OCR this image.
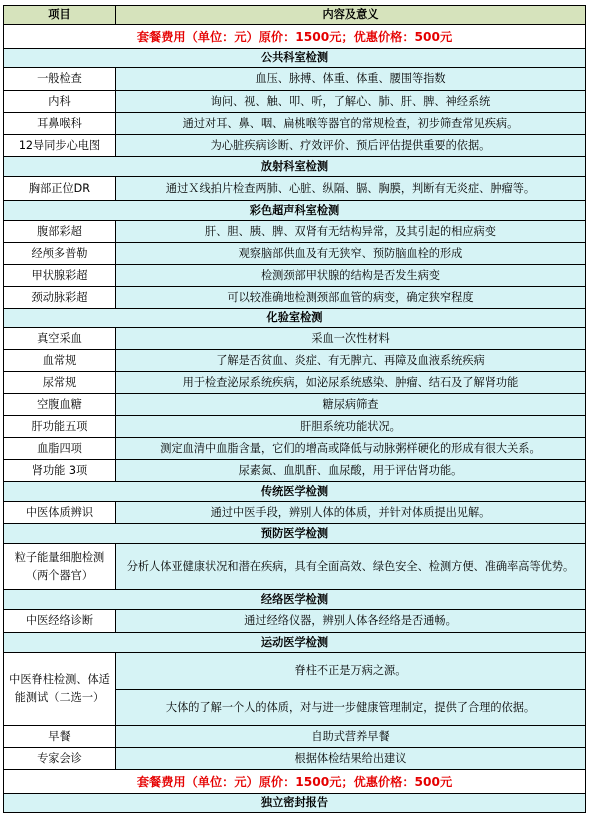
项目	内容及意义
套餐费用（单位：元）原价：1500元；优惠价格：500元	
公共科室检测	
一般检查	血压、脉搏、体重、体重、腰围等指数
内科	询问、视、触、叩、听，了解心、肺、肝、脾、神经系统
耳鼻喉科	通过对耳、鼻、咽、扁桃喉等器官的常规检查，初步筛查常见疾病。
12导同步心电图	为心脏疾病诊断、疗效评价、预后评估提供重要的依据。
放射科室检测	
胸部正位DR	通过Ｘ线拍片检查两肺、心脏、纵隔、膈、胸膜，判断有无炎症、肿瘤等。
彩色超声科室检测	
腹部彩超	肝、胆、胰、脾、双肾有无结构异常，及其引起的相应病变
经颅多普勒	观察脑部供血及有无狭窄、预防脑血栓的形成
甲状腺彩超	检测颈部甲状腺的结构是否发生病变
颈动脉彩超	可以较准确地检测颈部血管的病变，确定狭窄程度
化验室检测	
真空采血	采血一次性材料
血常规	了解是否贫血、炎症、有无脾亢、再障及血液系统疾病
尿常规	用于检查泌尿系统疾病，如泌尿系统感染、肿瘤、结石及了解肾功能
空腹血糖	糖尿病筛查
肝功能五项	肝胆系统功能状况。
血脂四项	测定血清中血脂含量，它们的增高或降低与动脉粥样硬化的形成有很大关系。
肾功能 3项	尿素氮、血肌酐、血尿酸，用于评估肾功能。
传统医学检测	
中医体质辨识	通过中医手段，辨别人体的体质，并针对体质提出见解。
预防医学检测	
粒子能量细胞检测（两个器官）	分析人体亚健康状况和潜在疾病，具有全面高效、绿色安全、检测方便、准确率高等优势。
经络医学检测	
中医经络诊断	通过经络仪器，辨别人体各经络是否通畅。
运动医学检测	
中医脊柱检测、体适能测试（二选一）	脊柱不正是万病之源。
	大体的了解一个人的体质，对与进一步健康管理制定，提供了合理的依据。
早餐	自助式营养早餐
专家会诊	根据体检结果给出建议
套餐费用（单位：元）原价：1500元；优惠价格：500元	
独立密封报告	
